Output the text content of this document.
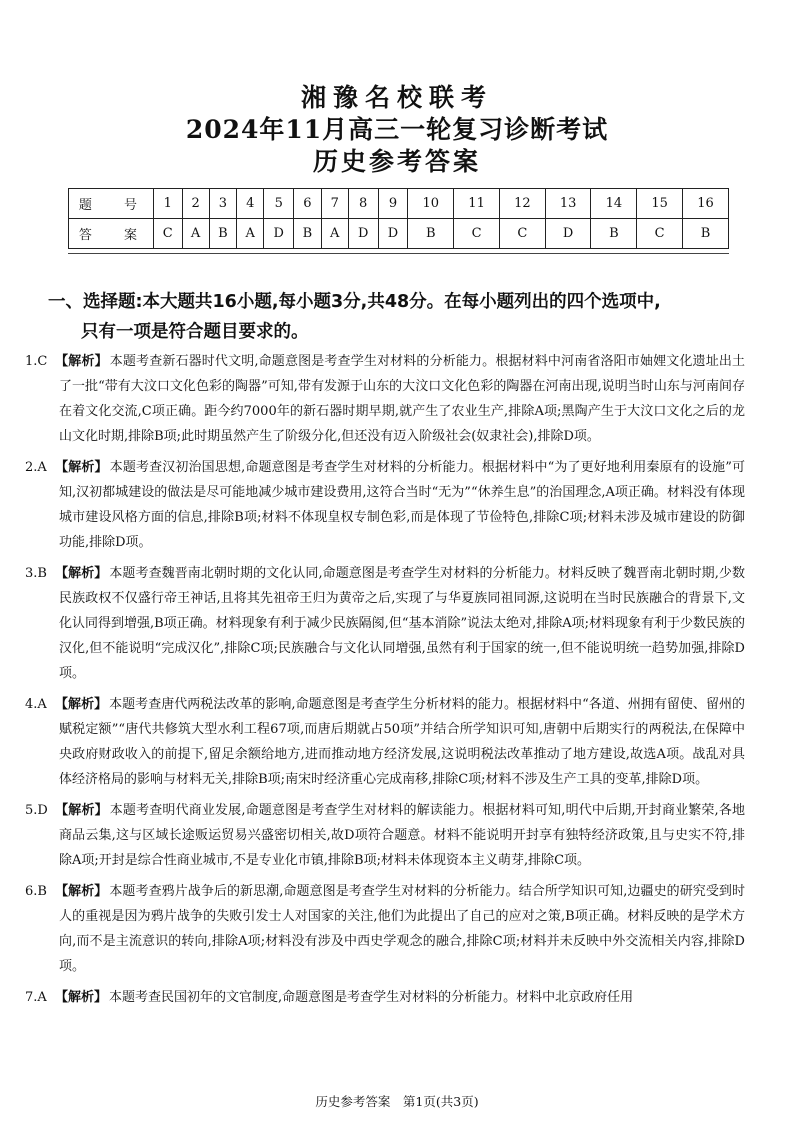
湘豫名校联考
2024年11月高三一轮复习诊断考试
历史参考答案
题 号	1	2	3	4	5	6	7	8	9	10	11	12	13	14	15	16
答 案	C	A	B	A	D	B	A	D	D	B	C	C	D	B	C	B
一、选择题:本大题共16小题,每小题3分,共48分。在每小题列出的四个选项中,
只有一项是符合题目要求的。
1.C 【解析】 本题考查新石器时代文明,命题意图是考查学生对材料的分析能力。根据材料中河南省洛阳市妯娌文化遗址出土了一批“带有大汶口文化色彩的陶器”可知,带有发源于山东的大汶口文化色彩的陶器在河南出现,说明当时山东与河南间存在着文化交流,C项正确。距今约7000年的新石器时期早期,就产生了农业生产,排除A项;黑陶产生于大汶口文化之后的龙山文化时期,排除B项;此时期虽然产生了阶级分化,但还没有迈入阶级社会(奴隶社会),排除D项。
2.A 【解析】 本题考查汉初治国思想,命题意图是考查学生对材料的分析能力。根据材料中“为了更好地利用秦原有的设施”可知,汉初都城建设的做法是尽可能地减少城市建设费用,这符合当时“无为”“休养生息”的治国理念,A项正确。材料没有体现城市建设风格方面的信息,排除B项;材料不体现皇权专制色彩,而是体现了节俭特色,排除C项;材料未涉及城市建设的防御功能,排除D项。
3.B 【解析】 本题考查魏晋南北朝时期的文化认同,命题意图是考查学生对材料的分析能力。材料反映了魏晋南北朝时期,少数民族政权不仅盛行帝王神话,且将其先祖帝王归为黄帝之后,实现了与华夏族同祖同源,这说明在当时民族融合的背景下,文化认同得到增强,B项正确。材料现象有利于减少民族隔阂,但“基本消除”说法太绝对,排除A项;材料现象有利于少数民族的汉化,但不能说明“完成汉化”,排除C项;民族融合与文化认同增强,虽然有利于国家的统一,但不能说明统一趋势加强,排除D项。
4.A 【解析】 本题考查唐代两税法改革的影响,命题意图是考查学生分析材料的能力。根据材料中“各道、州拥有留使、留州的赋税定额”“唐代共修筑大型水利工程67项,而唐后期就占50项”并结合所学知识可知,唐朝中后期实行的两税法,在保障中央政府财政收入的前提下,留足余额给地方,进而推动地方经济发展,这说明税法改革推动了地方建设,故选A项。战乱对具体经济格局的影响与材料无关,排除B项;南宋时经济重心完成南移,排除C项;材料不涉及生产工具的变革,排除D项。
5.D 【解析】 本题考查明代商业发展,命题意图是考查学生对材料的解读能力。根据材料可知,明代中后期,开封商业繁荣,各地商品云集,这与区域长途贩运贸易兴盛密切相关,故D项符合题意。材料不能说明开封享有独特经济政策,且与史实不符,排除A项;开封是综合性商业城市,不是专业化市镇,排除B项;材料未体现资本主义萌芽,排除C项。
6.B 【解析】 本题考查鸦片战争后的新思潮,命题意图是考查学生对材料的分析能力。结合所学知识可知,边疆史的研究受到时人的重视是因为鸦片战争的失败引发士人对国家的关注,他们为此提出了自己的应对之策,B项正确。材料反映的是学术方向,而不是主流意识的转向,排除A项;材料没有涉及中西史学观念的融合,排除C项;材料并未反映中外交流相关内容,排除D项。
7.A 【解析】 本题考查民国初年的文官制度,命题意图是考查学生对材料的分析能力。材料中北京政府任用
历史参考答案　第1页(共3页)
